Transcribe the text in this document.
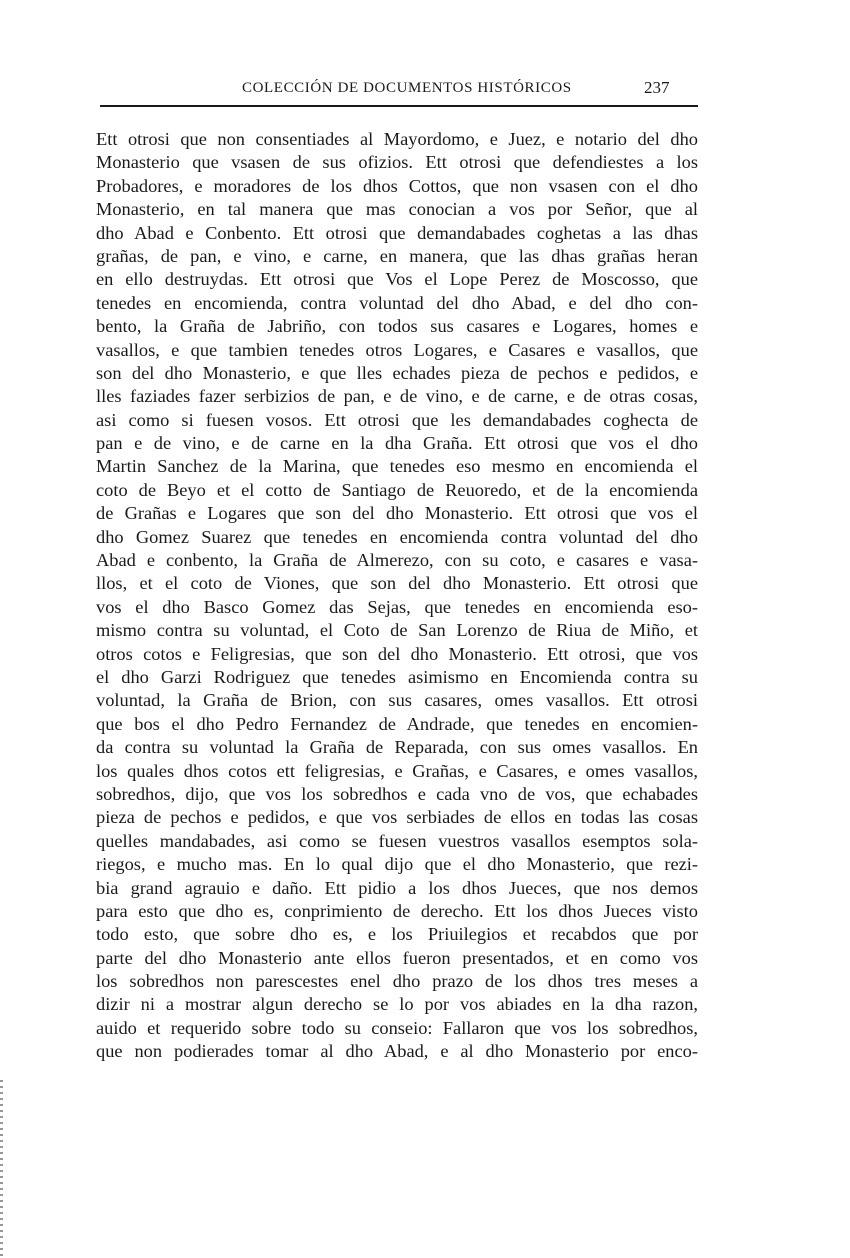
COLECCIÓN DE DOCUMENTOS HISTÓRICOS	237
Ett otrosi que non consentiades al Mayordomo, e Juez, e notario del dho
Monasterio que vsasen de sus ofizios. Ett otrosi que defendiestes a los
Probadores, e moradores de los dhos Cottos, que non vsasen con el dho
Monasterio, en tal manera que mas conocian a vos por Señor, que al
dho Abad e Conbento. Ett otrosi que demandabades coghetas a las dhas
grañas, de pan, e vino, e carne, en manera, que las dhas grañas heran
en ello destruydas. Ett otrosi que Vos el Lope Perez de Moscosso, que
tenedes en encomienda, contra voluntad del dho Abad, e del dho con-
bento, la Graña de Jabriño, con todos sus casares e Logares, homes e
vasallos, e que tambien tenedes otros Logares, e Casares e vasallos, que
son del dho Monasterio, e que lles echades pieza de pechos e pedidos, e
lles faziades fazer serbizios de pan, e de vino, e de carne, e de otras cosas,
asi como si fuesen vosos. Ett otrosi que les demandabades coghecta de
pan e de vino, e de carne en la dha Graña. Ett otrosi que vos el dho
Martin Sanchez de la Marina, que tenedes eso mesmo en encomienda el
coto de Beyo et el cotto de Santiago de Reuoredo, et de la encomienda
de Grañas e Logares que son del dho Monasterio. Ett otrosi que vos el
dho Gomez Suarez que tenedes en encomienda contra voluntad del dho
Abad e conbento, la Graña de Almerezo, con su coto, e casares e vasa-
llos, et el coto de Viones, que son del dho Monasterio. Ett otrosi que
vos el dho Basco Gomez das Sejas, que tenedes en encomienda eso-
mismo contra su voluntad, el Coto de San Lorenzo de Riua de Miño, et
otros cotos e Feligresias, que son del dho Monasterio. Ett otrosi, que vos
el dho Garzi Rodriguez que tenedes asimismo en Encomienda contra su
voluntad, la Graña de Brion, con sus casares, omes vasallos. Ett otrosi
que bos el dho Pedro Fernandez de Andrade, que tenedes en encomien-
da contra su voluntad la Graña de Reparada, con sus omes vasallos. En
los quales dhos cotos ett feligresias, e Grañas, e Casares, e omes vasallos,
sobredhos, dijo, que vos los sobredhos e cada vno de vos, que echabades
pieza de pechos e pedidos, e que vos serbiades de ellos en todas las cosas
quelles mandabades, asi como se fuesen vuestros vasallos esemptos sola-
riegos, e mucho mas. En lo qual dijo que el dho Monasterio, que rezi-
bia grand agrauio e daño. Ett pidio a los dhos Jueces, que nos demos
para esto que dho es, conprimiento de derecho. Ett los dhos Jueces visto
todo esto, que sobre dho es, e los Priuilegios et recabdos que por
parte del dho Monasterio ante ellos fueron presentados, et en como vos
los sobredhos non parescestes enel dho prazo de los dhos tres meses a
dizir ni a mostrar algun derecho se lo por vos abiades en la dha razon,
auido et requerido sobre todo su conseio: Fallaron que vos los sobredhos,
que non podierades tomar al dho Abad, e al dho Monasterio por enco-
